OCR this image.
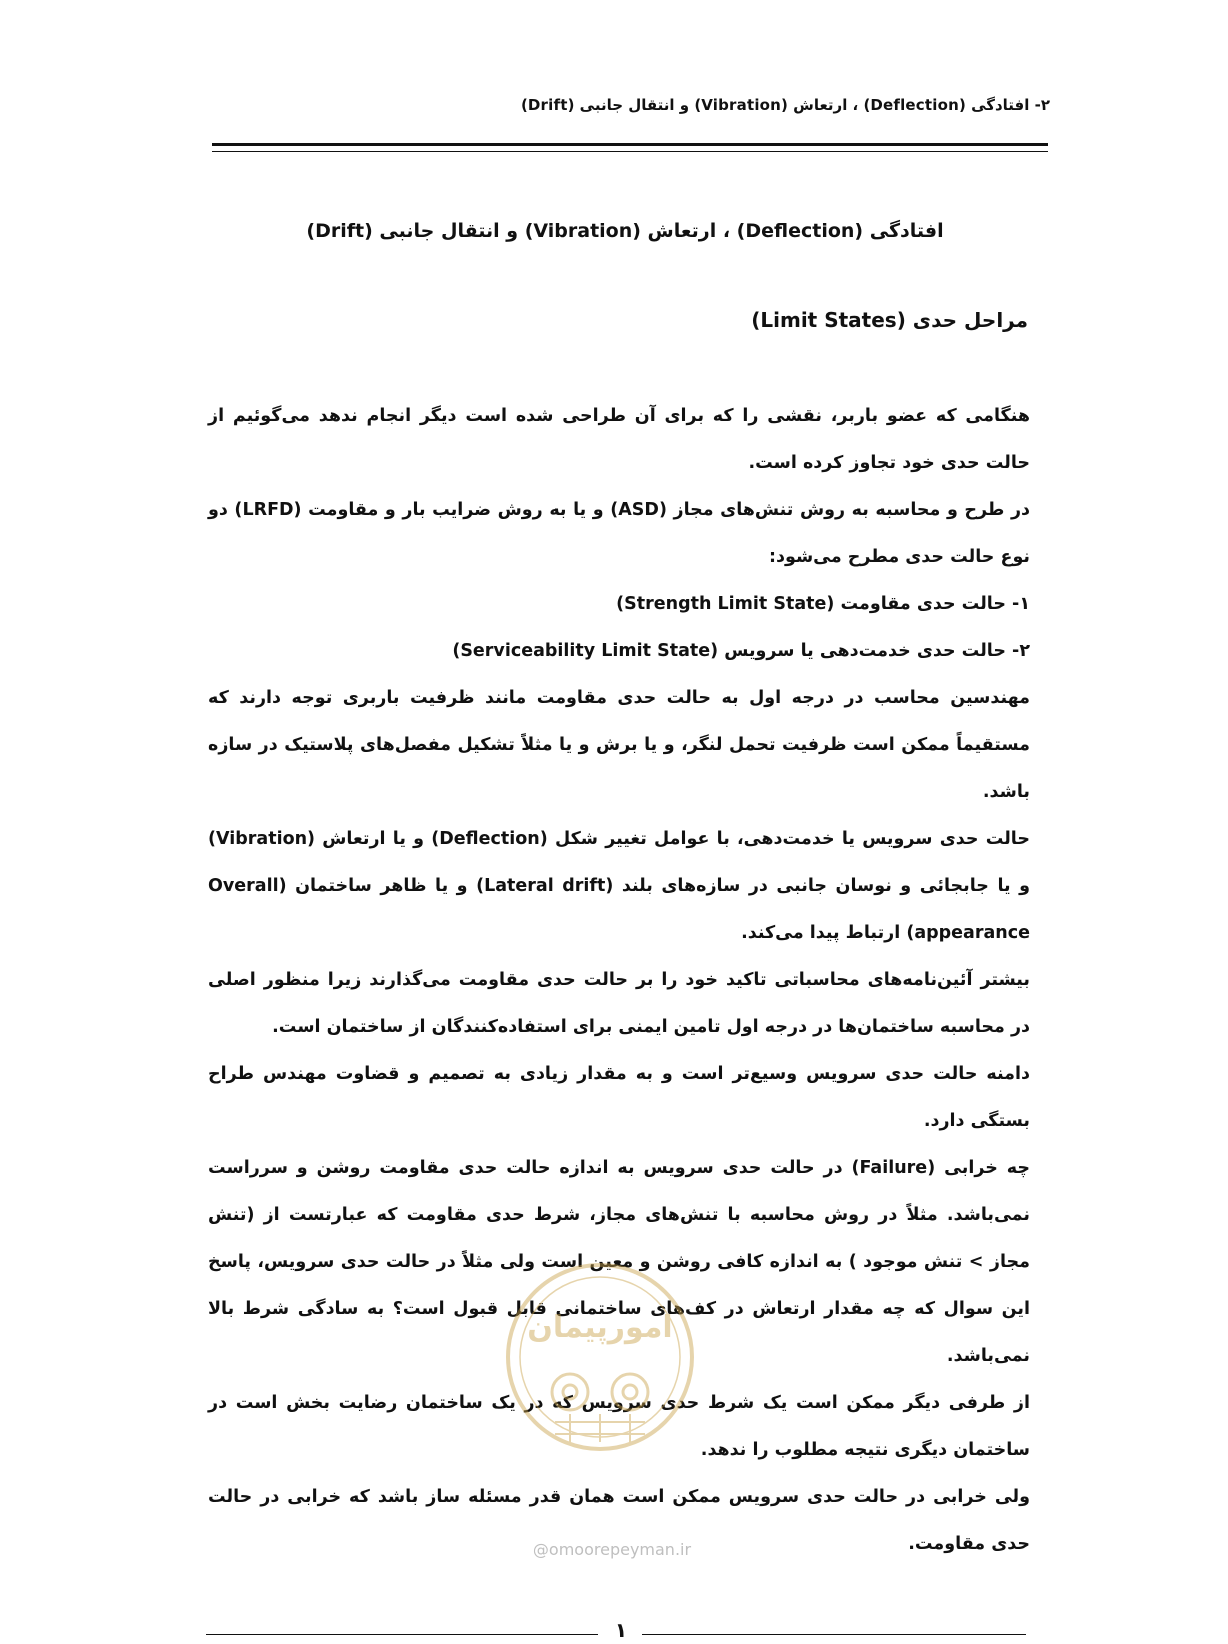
۲- افتادگی (Deflection) ، ارتعاش (Vibration) و انتقال جانبی (Drift)
افتادگی (Deflection) ، ارتعاش (Vibration) و انتقال جانبی (Drift)
مراحل حدی (Limit States)

هنگامی که عضو باربر، نقشی را که برای آن طراحی شده است دیگر انجام ندهد می‌گوئیم از حالت حدی خود تجاوز کرده است.

در طرح و محاسبه به روش تنش‌های مجاز (ASD) و یا به روش ضرایب بار و مقاومت (LRFD) دو نوع حالت حدی مطرح می‌شود:

۱- حالت حدی مقاومت (Strength Limit State)

۲- حالت حدی خدمت‌دهی یا سرویس (Serviceability Limit State)

مهندسین محاسب در درجه اول به حالت حدی مقاومت مانند ظرفیت باربری توجه دارند که مستقیماً ممکن است ظرفیت تحمل لنگر، و یا برش و یا مثلاً تشکیل مفصل‌های پلاستیک در سازه باشد.

حالت حدی سرویس یا خدمت‌دهی، با عوامل تغییر شکل (Deflection) و یا ارتعاش (Vibration) و یا جابجائی و نوسان جانبی در سازه‌های بلند (Lateral drift) و یا ظاهر ساختمان (Overall appearance) ارتباط پیدا می‌کند.

بیشتر آئین‌نامه‌های محاسباتی تاکید خود را بر حالت حدی مقاومت می‌گذارند زیرا منظور اصلی در محاسبه ساختمان‌ها در درجه اول تامین ایمنی برای استفاده‌کنندگان از ساختمان است.

دامنه حالت حدی سرویس وسیع‌تر است و به مقدار زیادی به تصمیم و قضاوت مهندس طراح بستگی دارد.

چه خرابی (Failure) در حالت حدی سرویس به اندازه حالت حدی مقاومت روشن و سرراست نمی‌باشد. مثلاً در روش محاسبه با تنش‌های مجاز، شرط حدی مقاومت که عبارتست از (تنش مجاز > تنش موجود ) به اندازه کافی روشن و معین است ولی مثلاً در حالت حدی سرویس، پاسخ این سوال که چه مقدار ارتعاش در کف‌های ساختمانی قابل قبول است؟ به سادگی شرط بالا نمی‌باشد.

از طرفی دیگر ممکن است یک شرط حدی سرویس که در یک ساختمان رضایت بخش است در ساختمان دیگری نتیجه مطلوب را ندهد.

ولی خرابی در حالت حدی سرویس ممکن است همان قدر مسئله ساز باشد که خرابی در حالت حدی مقاومت.

امورپیمان
@omoorepeyman.ir
۱
